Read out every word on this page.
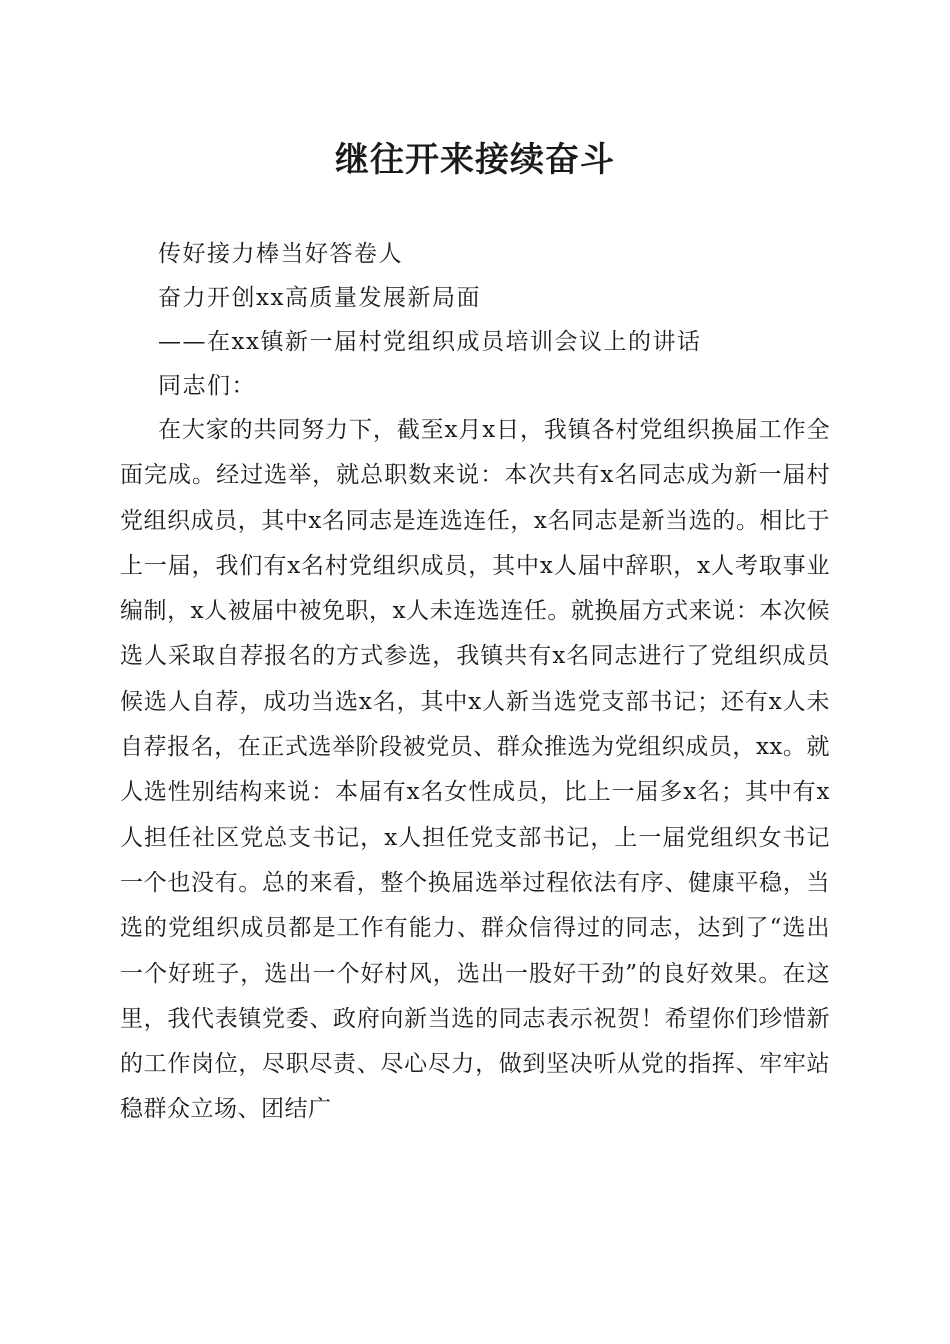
继往开来接续奋斗
传好接力棒当好答卷人
奋力开创xx高质量发展新局面
——在xx镇新一届村党组织成员培训会议上的讲话
同志们：

在大家的共同努力下，截至x月x日，我镇各村党组织换届工作全面完成。经过选举，就总职数来说：本次共有x名同志成为新一届村党组织成员，其中x名同志是连选连任，x名同志是新当选的。相比于上一届，我们有x名村党组织成员，其中x人届中辞职，x人考取事业编制，x人被届中被免职，x人未连选连任。就换届方式来说：本次候选人采取自荐报名的方式参选，我镇共有x名同志进行了党组织成员候选人自荐，成功当选x名，其中x人新当选党支部书记；还有x人未自荐报名，在正式选举阶段被党员、群众推选为党组织成员，xx。就人选性别结构来说：本届有x名女性成员，比上一届多x名；其中有x人担任社区党总支书记，x人担任党支部书记，上一届党组织女书记一个也没有。总的来看，整个换届选举过程依法有序、健康平稳，当选的党组织成员都是工作有能力、群众信得过的同志，达到了“选出一个好班子，选出一个好村风，选出一股好干劲”的良好效果。在这里，我代表镇党委、政府向新当选的同志表示祝贺！希望你们珍惜新的工作岗位，尽职尽责、尽心尽力，做到坚决听从党的指挥、牢牢站稳群众立场、团结广
